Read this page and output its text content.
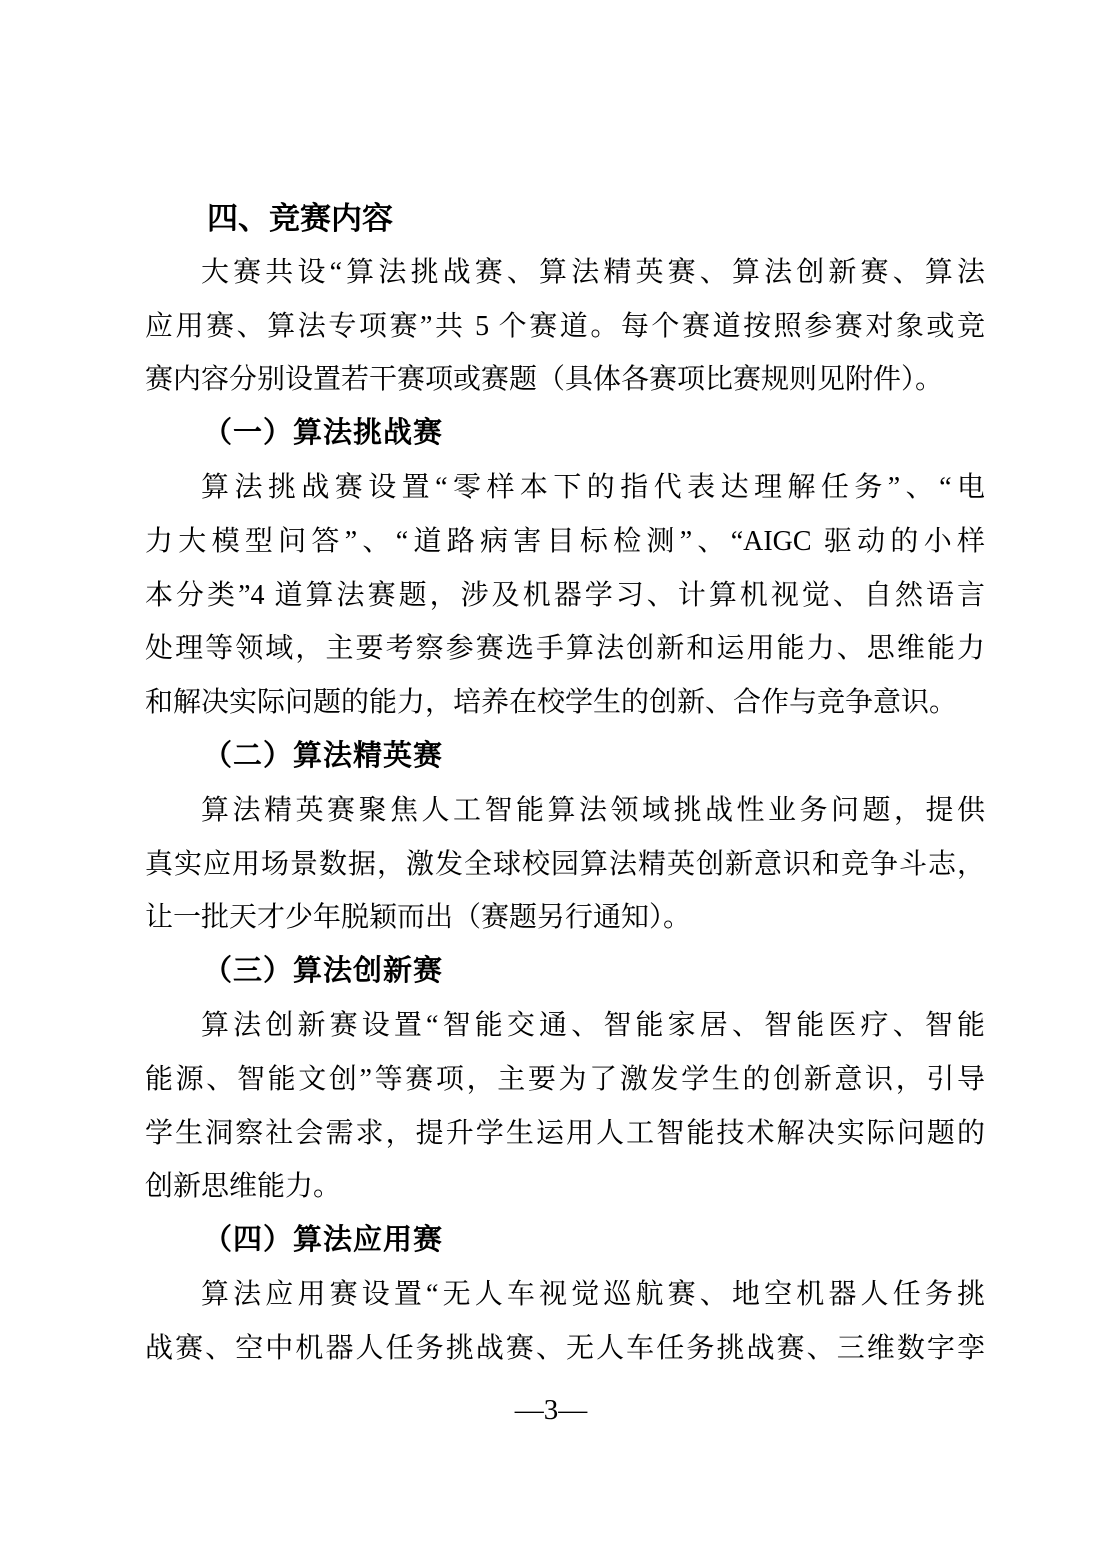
四、竞赛内容
大赛共设“算法挑战赛、算法精英赛、算法创新赛、算法
应用赛、算法专项赛”共 5 个赛道。每个赛道按照参赛对象或竞
赛内容分别设置若干赛项或赛题（具体各赛项比赛规则见附件）。
（一）算法挑战赛
算法挑战赛设置“零样本下的指代表达理解任务”、“电
力大模型问答”、“道路病害目标检测”、“AIGC 驱动的小样
本分类”4 道算法赛题，涉及机器学习、计算机视觉、自然语言
处理等领域，主要考察参赛选手算法创新和运用能力、思维能力
和解决实际问题的能力，培养在校学生的创新、合作与竞争意识。
（二）算法精英赛
算法精英赛聚焦人工智能算法领域挑战性业务问题，提供
真实应用场景数据，激发全球校园算法精英创新意识和竞争斗志，
让一批天才少年脱颖而出（赛题另行通知）。
（三）算法创新赛
算法创新赛设置“智能交通、智能家居、智能医疗、智能
能源、智能文创”等赛项，主要为了激发学生的创新意识，引导
学生洞察社会需求，提升学生运用人工智能技术解决实际问题的
创新思维能力。
（四）算法应用赛
算法应用赛设置“无人车视觉巡航赛、地空机器人任务挑
战赛、空中机器人任务挑战赛、无人车任务挑战赛、三维数字孪
—3—
